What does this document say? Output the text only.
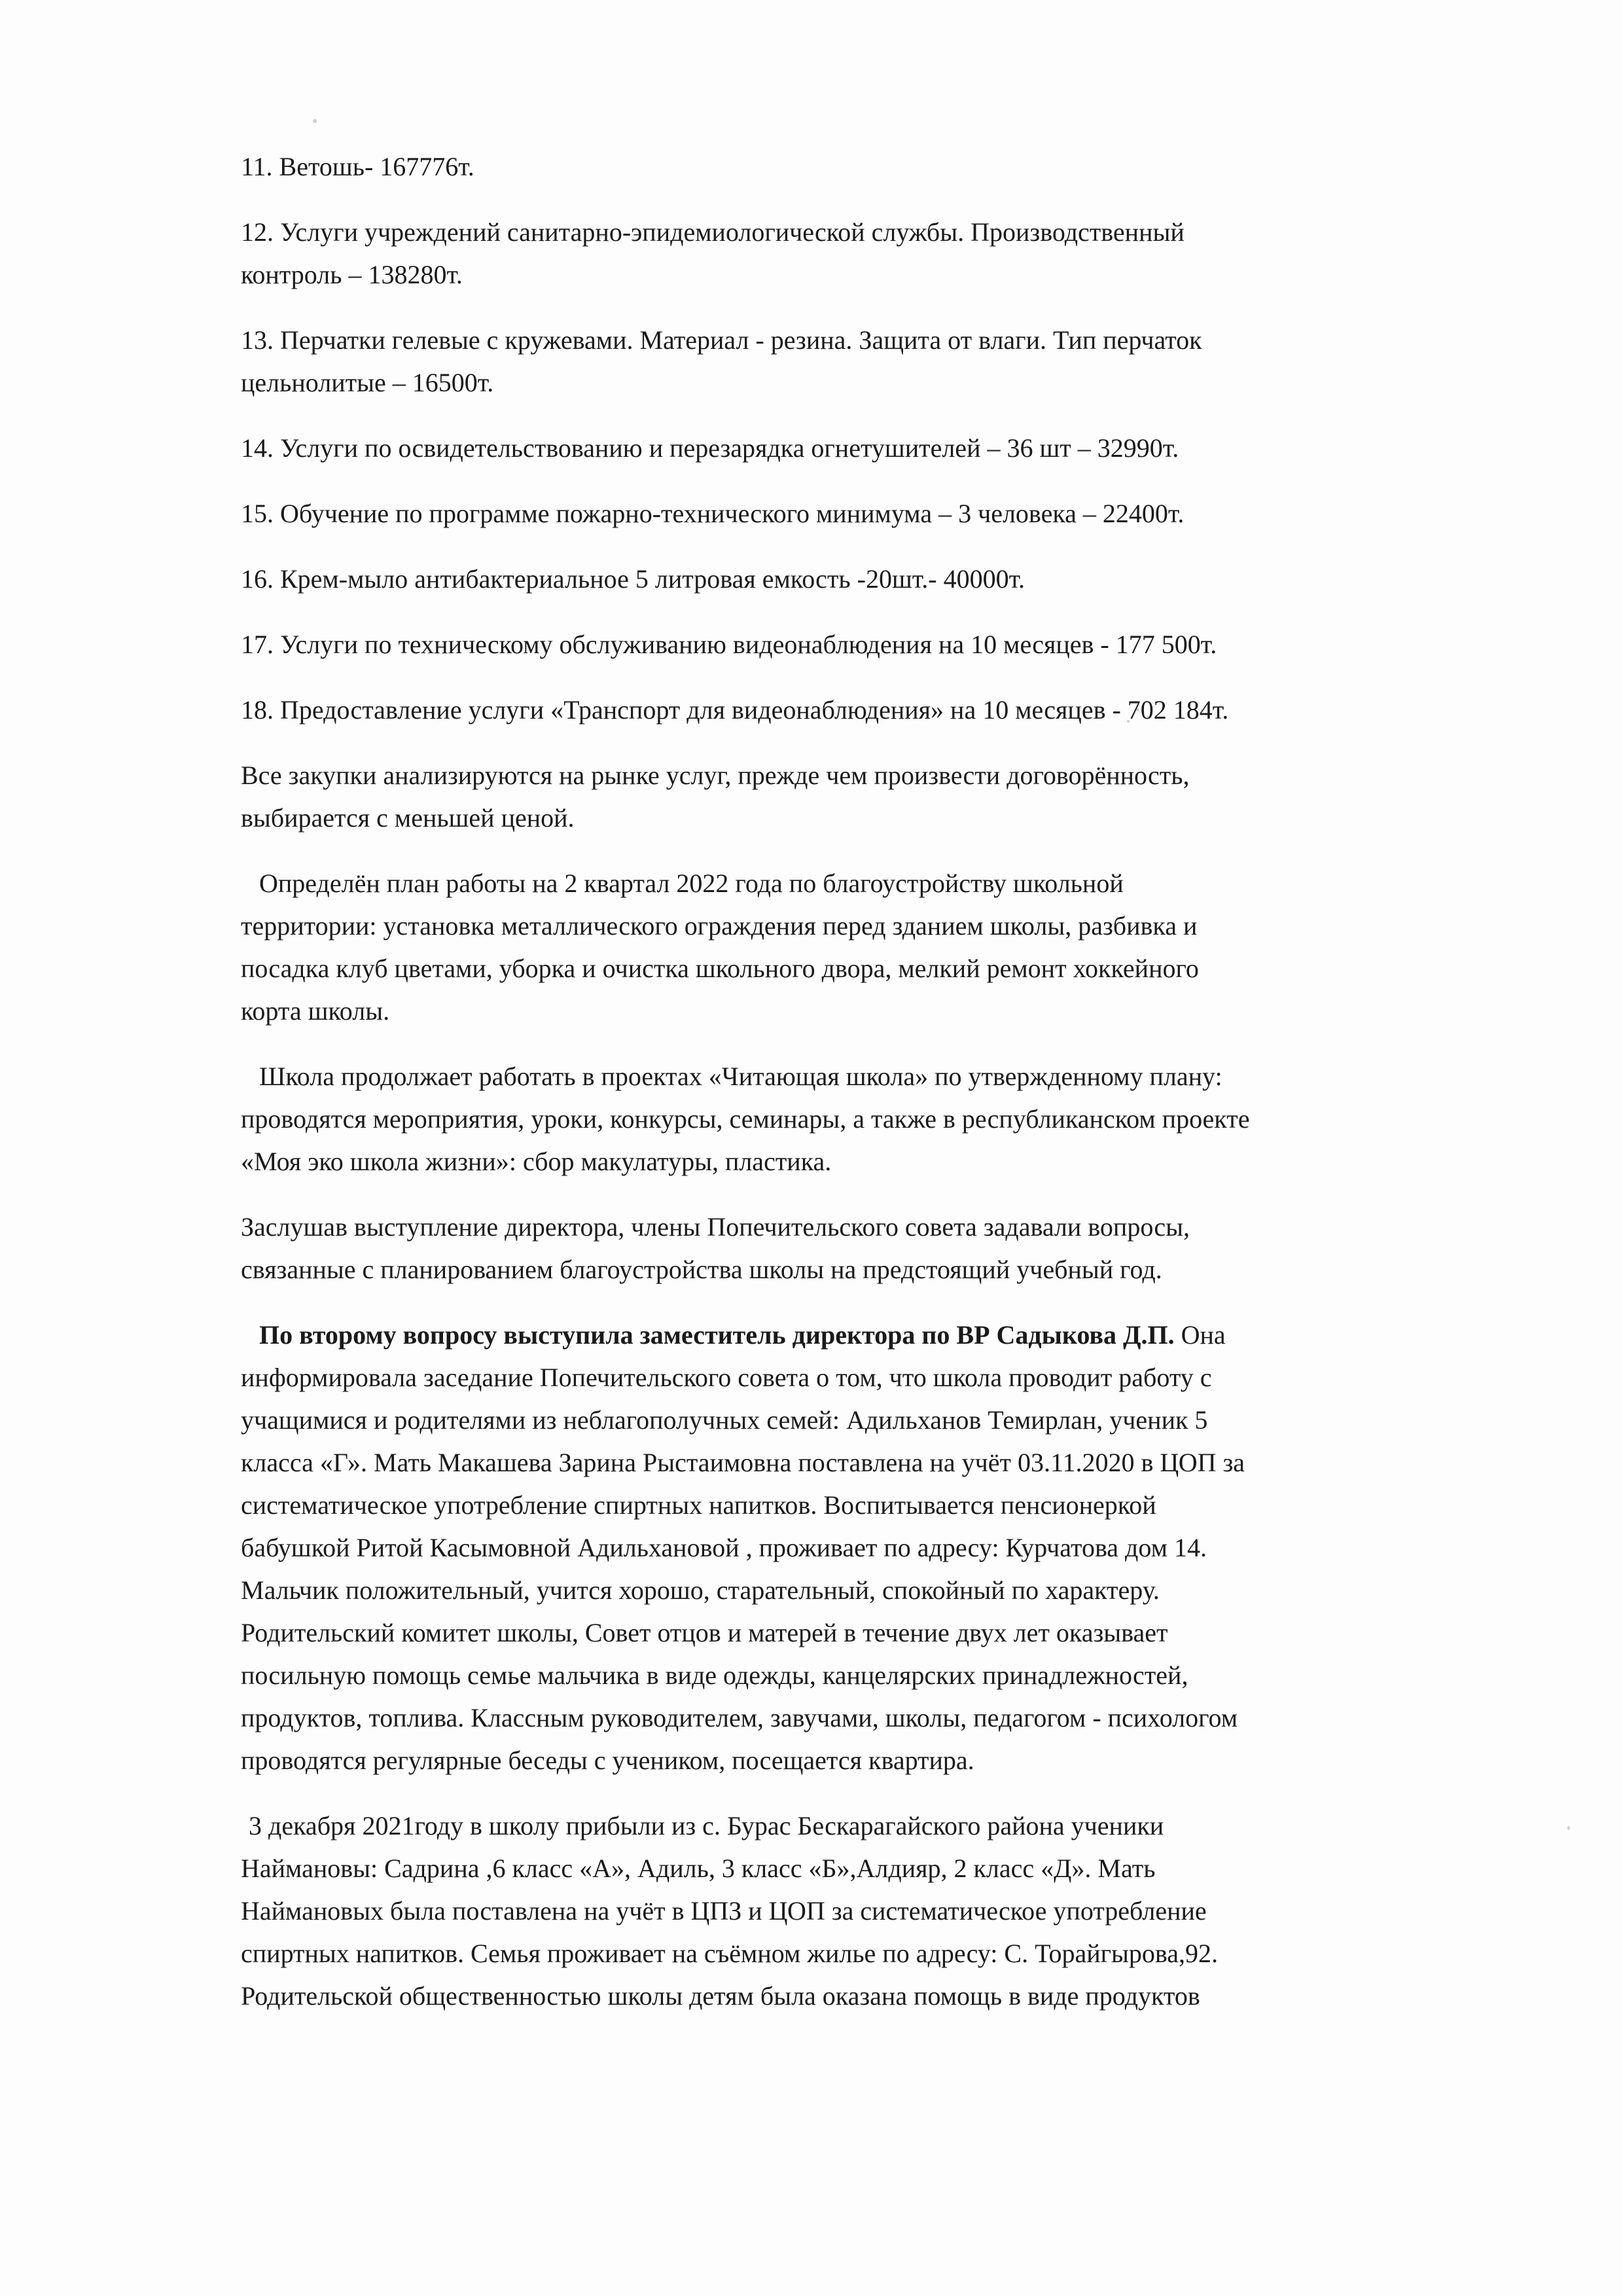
11. Ветошь- 167776т.
12. Услуги учреждений санитарно-эпидемиологической службы. Производственный
контроль – 138280т.
13. Перчатки гелевые с кружевами. Материал - резина. Защита от влаги. Тип перчаток
цельнолитые – 16500т.
14. Услуги по освидетельствованию и перезарядка огнетушителей – 36 шт – 32990т.
15. Обучение по программе пожарно-технического минимума – 3 человека – 22400т.
16. Крем-мыло антибактериальное 5 литровая емкость -20шт.- 40000т.
17. Услуги по техническому обслуживанию видеонаблюдения на 10 месяцев - 177 500т.
18. Предоставление услуги «Транспорт для видеонаблюдения» на 10 месяцев - 702 184т.
Все закупки анализируются на рынке услуг, прежде чем произвести договорённость,
выбирается с меньшей ценой.
Определён план работы на 2 квартал 2022 года по благоустройству школьной
территории: установка металлического ограждения перед зданием школы, разбивка и
посадка клуб цветами, уборка и очистка школьного двора, мелкий ремонт хоккейного
корта школы.
Школа продолжает работать в проектах «Читающая школа» по утвержденному плану:
проводятся мероприятия, уроки, конкурсы, семинары, а также в республиканском проекте
«Моя эко школа жизни»: сбор макулатуры, пластика.
Заслушав выступление директора, члены Попечительского совета задавали вопросы,
связанные с планированием благоустройства школы на предстоящий учебный год.
По второму вопросу выступила заместитель директора по ВР Садыкова Д.П. Она
информировала заседание Попечительского совета о том, что школа проводит работу с
учащимися и родителями из неблагополучных семей: Адильханов Темирлан, ученик 5
класса «Г». Мать Макашева Зарина Рыстаимовна поставлена на учёт 03.11.2020 в ЦОП за
систематическое употребление спиртных напитков. Воспитывается пенсионеркой
бабушкой Ритой Касымовной Адильхановой , проживает по адресу: Курчатова дом 14.
Мальчик положительный, учится хорошо, старательный, спокойный по характеру.
Родительский комитет школы, Совет отцов и матерей в течение двух лет оказывает
посильную помощь семье мальчика в виде одежды, канцелярских принадлежностей,
продуктов, топлива. Классным руководителем, завучами, школы, педагогом - психологом
проводятся регулярные беседы с учеником, посещается квартира.
3 декабря 2021году в школу прибыли из с. Бурас Бескарагайского района ученики
Наймановы: Садрина ,6 класс «А», Адиль, 3 класс «Б»,Алдияр, 2 класс «Д». Мать
Наймановых была поставлена на учёт в ЦПЗ и ЦОП за систематическое употребление
спиртных напитков. Семья проживает на съёмном жилье по адресу: С. Торайгырова,92.
Родительской общественностью школы детям была оказана помощь в виде продуктов
